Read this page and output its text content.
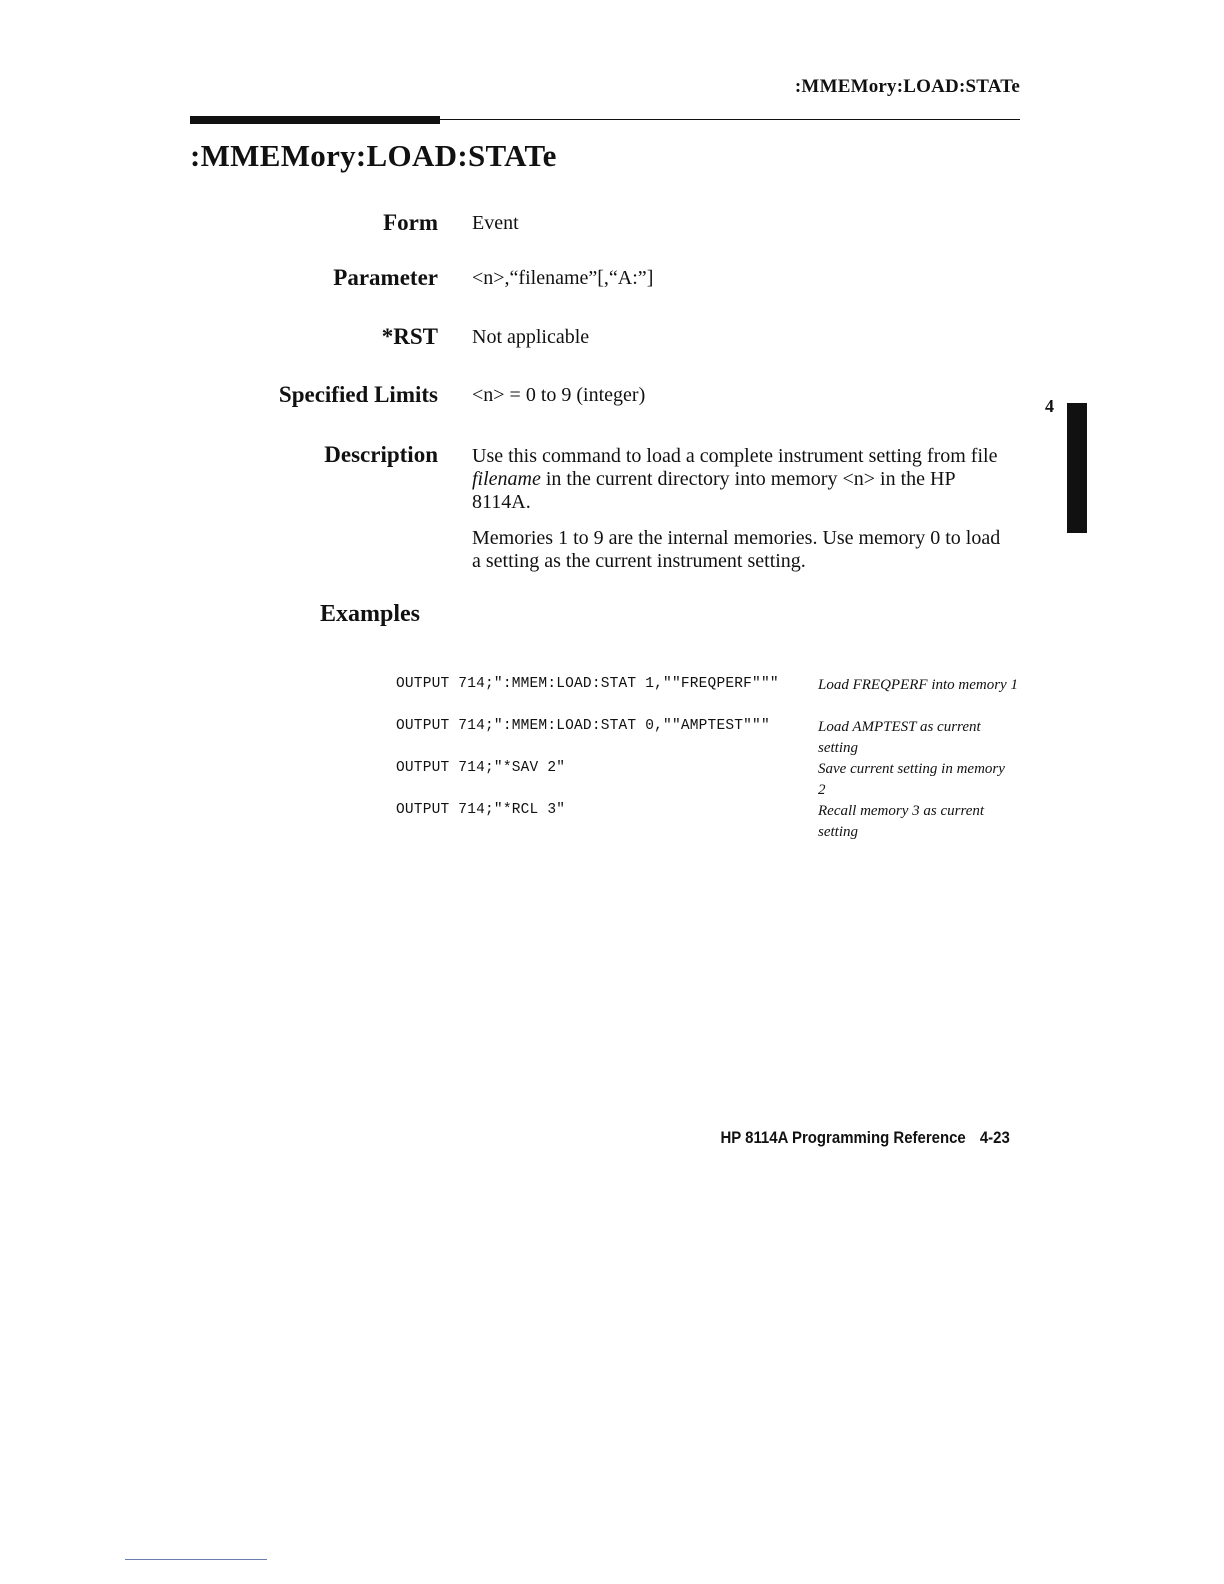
:MMEMory:LOAD:STATe
:MMEMory:LOAD:STATe
Form Event
Parameter <n>,“filename”[,“A:”]
*RST Not applicable
Specified Limits <n> = 0 to 9 (integer)
Description Use this command to load a complete instrument setting from file filename in the current directory into memory <n> in the HP 8114A.
Memories 1 to 9 are the internal memories. Use memory 0 to load a setting as the current instrument setting.
Examples
OUTPUT 714;":MMEM:LOAD:STAT 1,""FREQPERF"""	Load FREQPERF into memory 1
OUTPUT 714;":MMEM:LOAD:STAT 0,""AMPTEST"""	Load AMPTEST as current setting
OUTPUT 714;"*SAV 2"	Save current setting in memory 2
OUTPUT 714;"*RCL 3"	Recall memory 3 as current setting
4
HP 8114A Programming Reference 4-23
